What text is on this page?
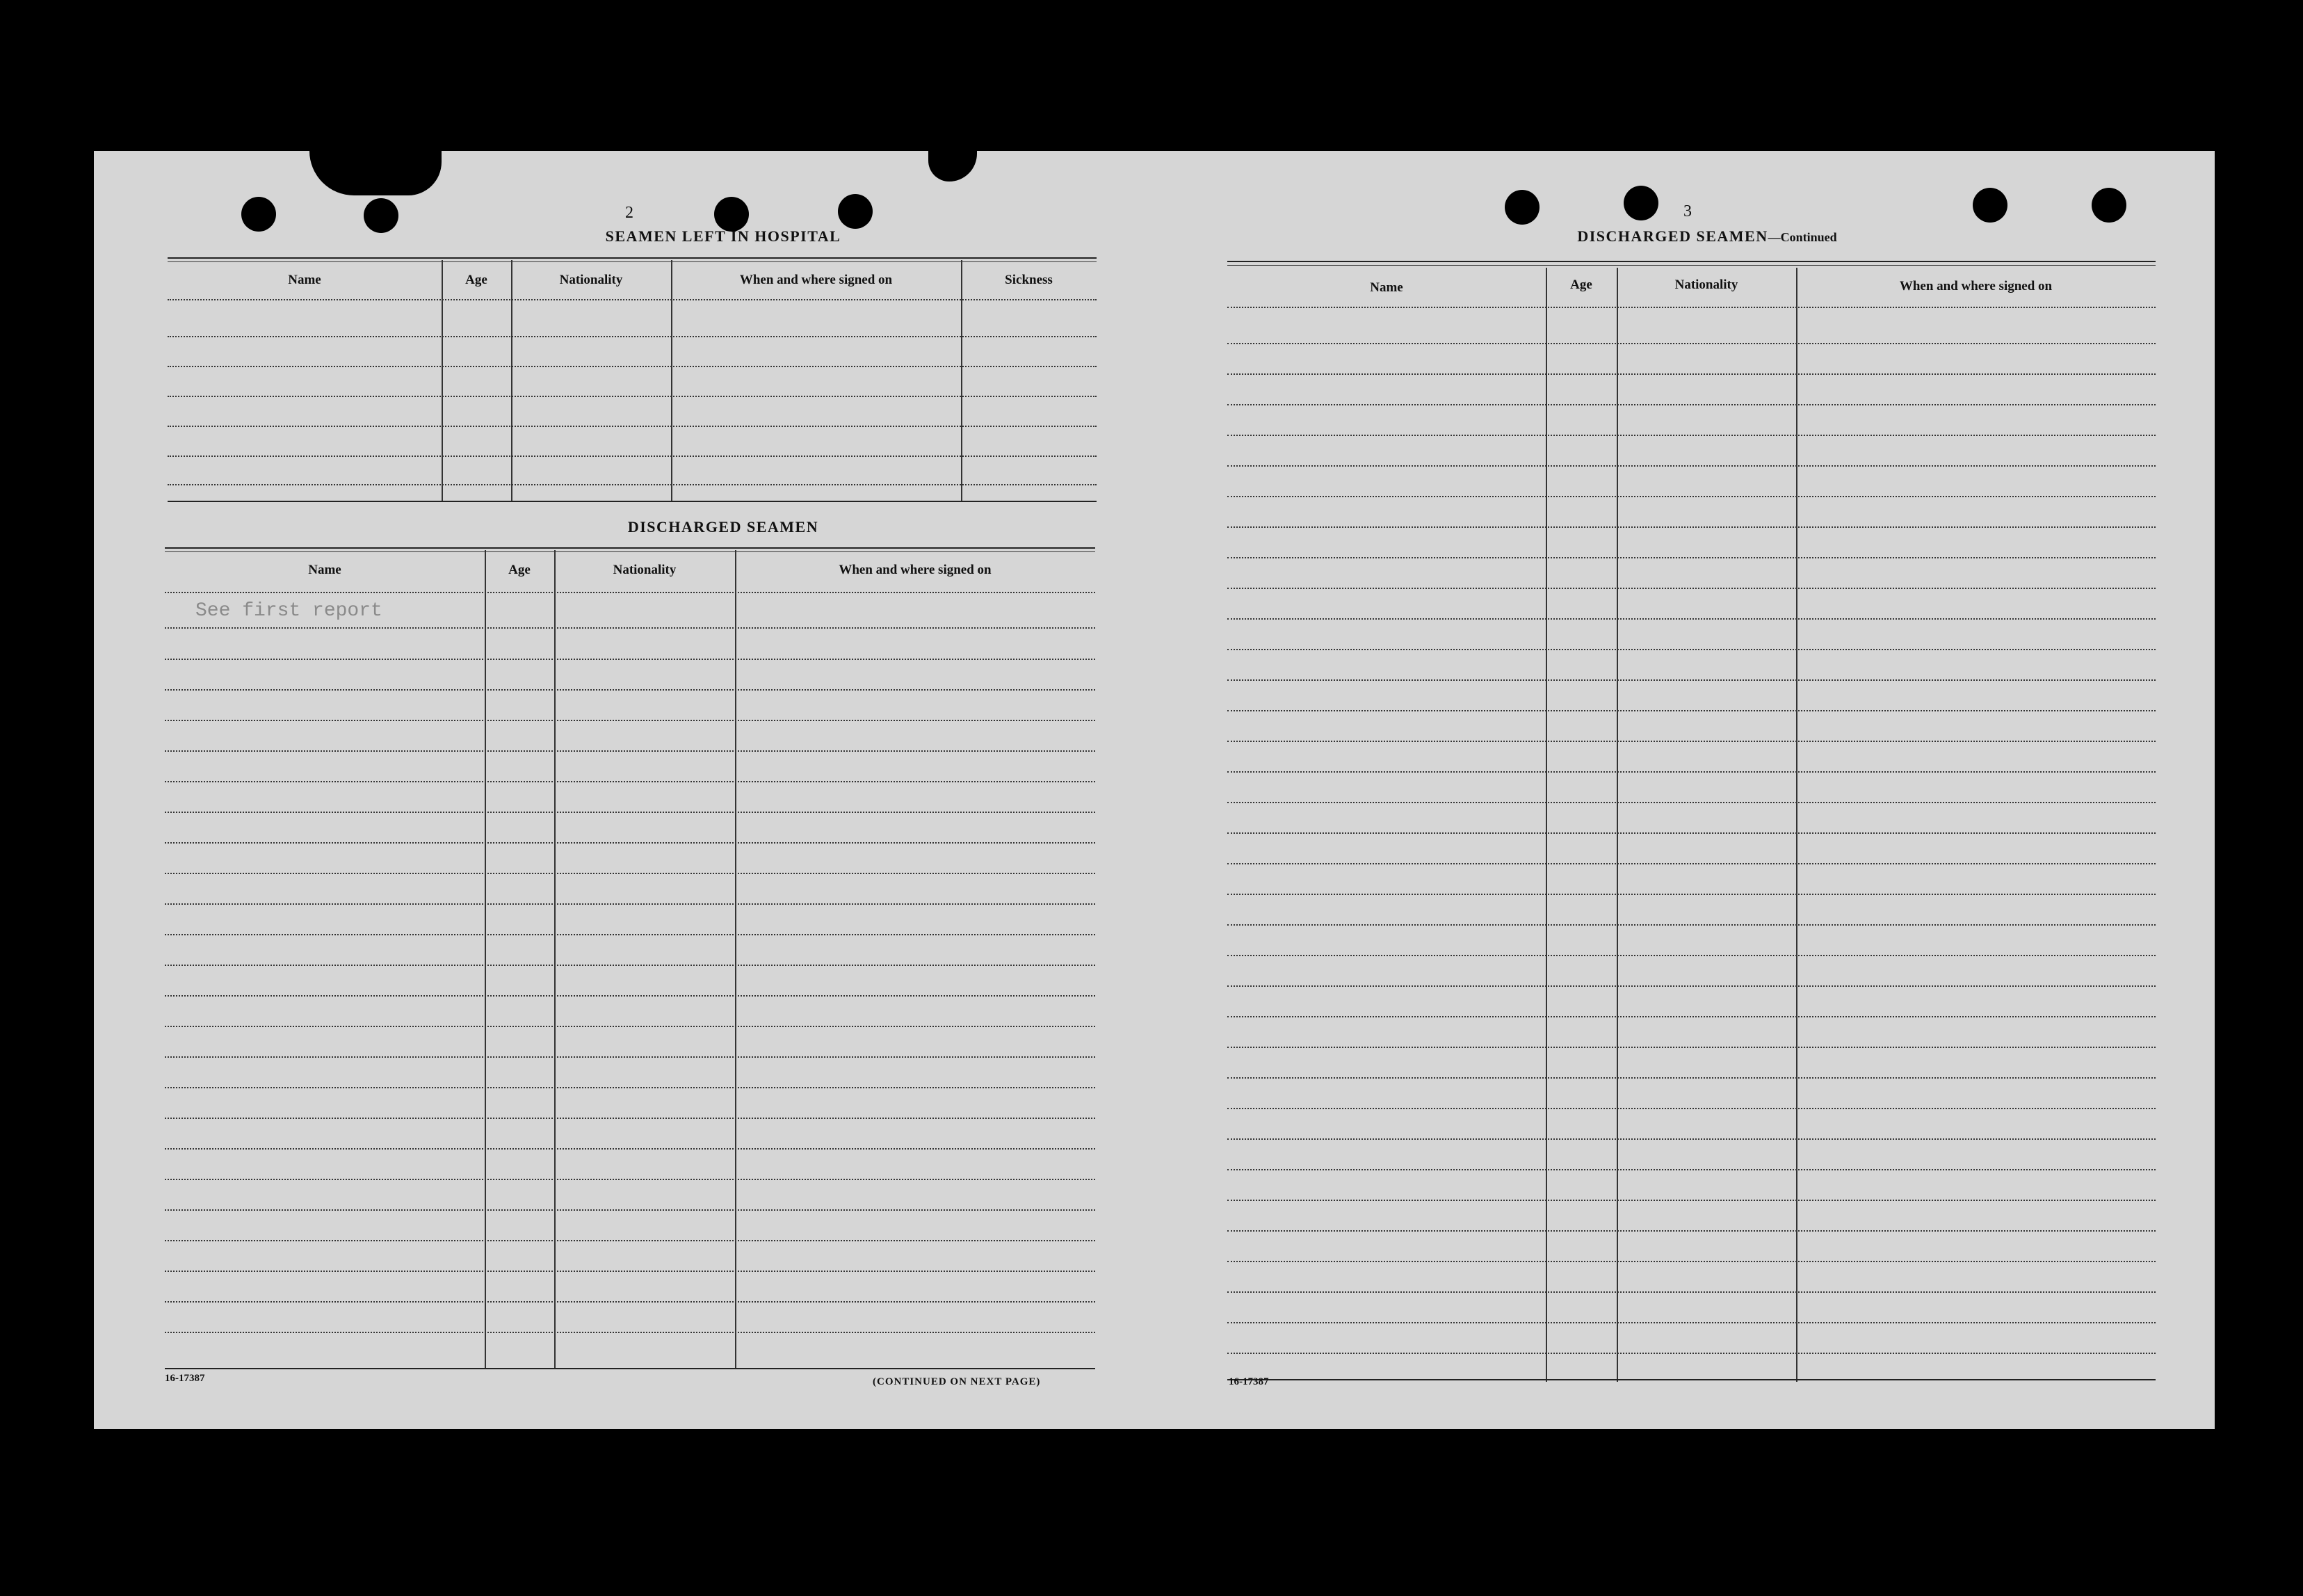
2
SEAMEN LEFT IN HOSPITAL
Name	Age	Nationality	When and where signed on	Sickness
DISCHARGED SEAMEN
Name	Age	Nationality	When and where signed on
See first report
16-17387	(CONTINUED ON NEXT PAGE)
3
DISCHARGED SEAMEN—Continued
Name	Age	Nationality	When and where signed on
16-17387
